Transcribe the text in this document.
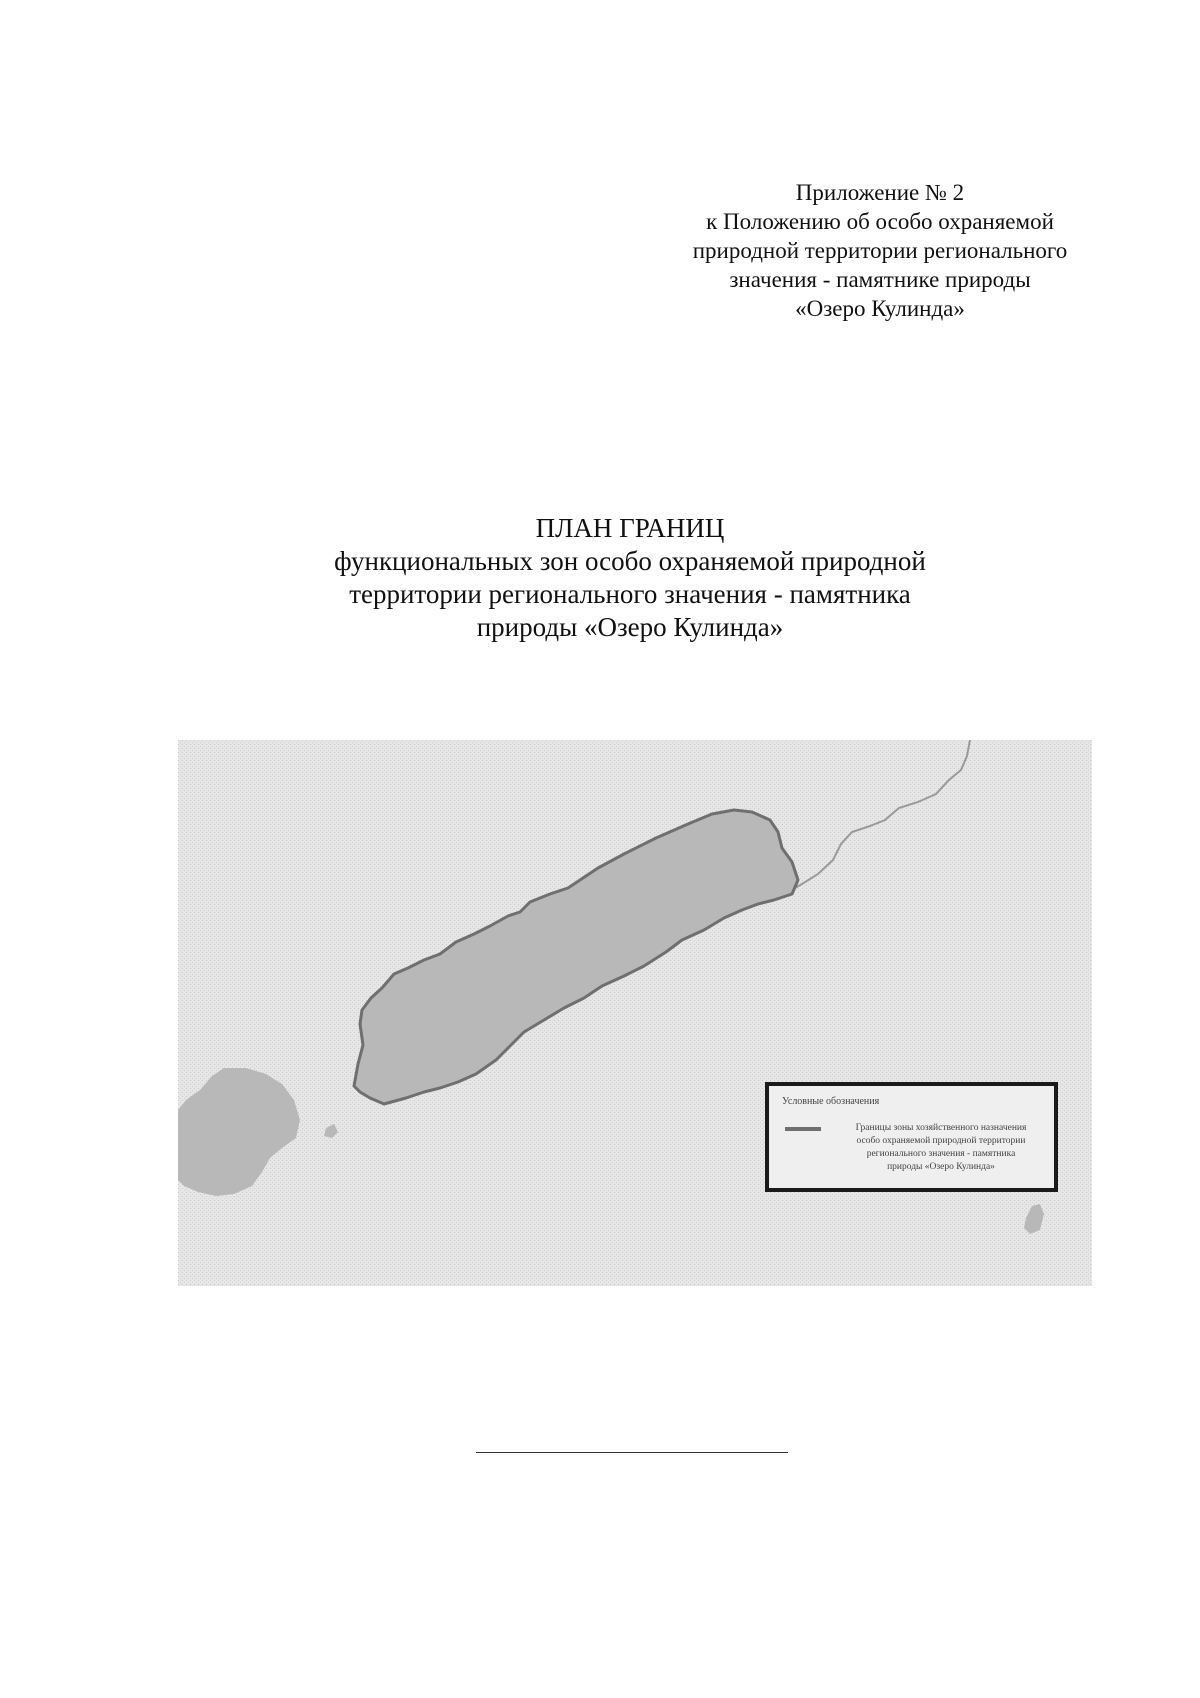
Приложение № 2
к Положению об особо охраняемой
природной территории регионального
значения - памятнике природы
«Озеро Кулинда»
ПЛАН ГРАНИЦ
функциональных зон особо охраняемой природной
территории регионального значения - памятника
природы «Озеро Кулинда»
Условные обозначения
Границы зоны хозяйственного назначения
особо охраняемой природной территории
регионального значения - памятника
природы «Озеро Кулинда»
